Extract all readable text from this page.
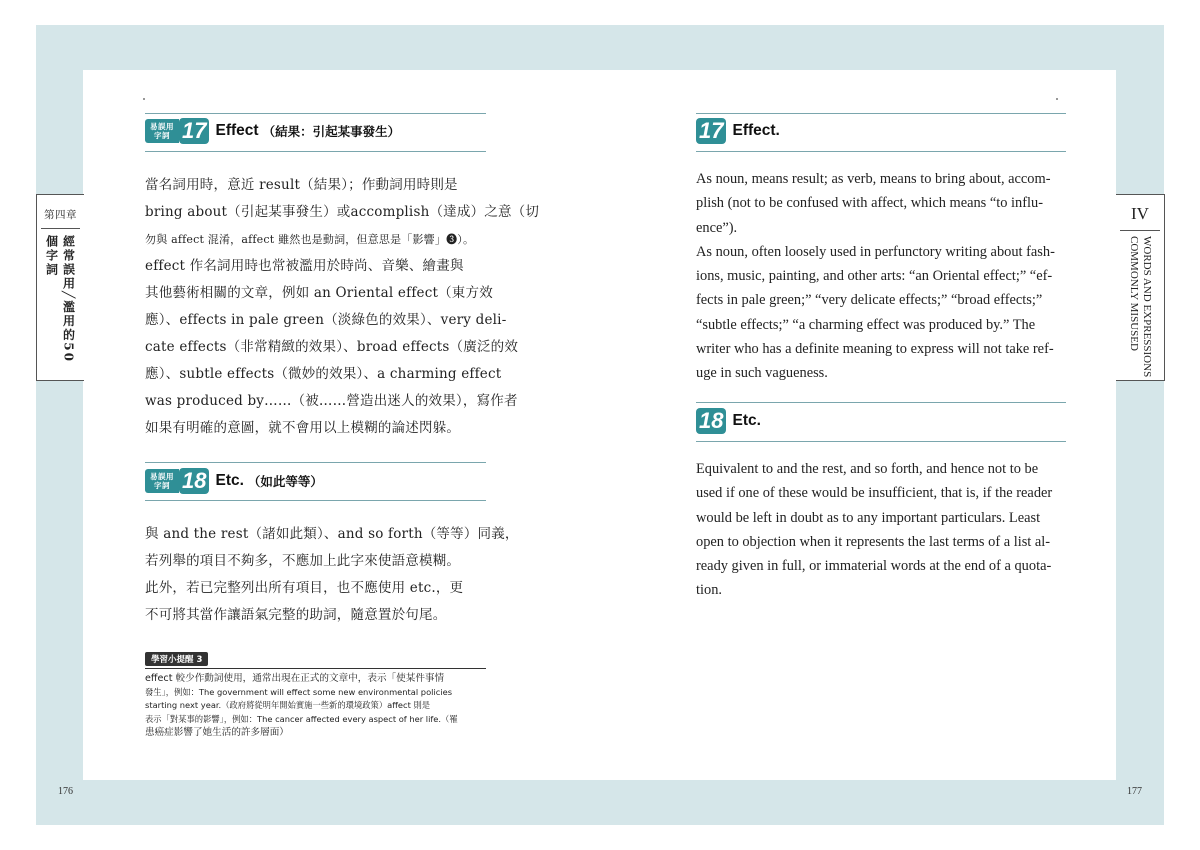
易誤用
字詞 17 Effect （結果：引起某事發生）
當名詞用時，意近 result（結果）；作動詞用時則是
bring about（引起某事發生）或accomplish（達成）之意（切
勿與 affect 混淆，affect 雖然也是動詞，但意思是「影響」❸）。
effect 作名詞用時也常被濫用於時尚、音樂、繪畫與
其他藝術相關的文章，例如 an Oriental effect（東方效
應）、effects in pale green（淡綠色的效果）、very deli-
cate effects（非常精緻的效果）、broad effects（廣泛的效
應）、subtle effects（微妙的效果）、a charming effect
was produced by……（被……營造出迷人的效果），寫作者
如果有明確的意圖，就不會用以上模糊的論述閃躲。
易誤用
字詞 18 Etc. （如此等等）
與 and the rest（諸如此類）、and so forth（等等）同義，
若列舉的項目不夠多，不應加上此字來使語意模糊。
此外，若已完整列出所有項目，也不應使用 etc.，更
不可將其當作讓語氣完整的助詞，隨意置於句尾。
學習小提醒 3
effect 較少作動詞使用，通常出現在正式的文章中，表示「使某件事情
發生」，例如：The government will effect some new environmental policies
starting next year.（政府將從明年開始實施一些新的環境政策）affect 則是
表示「對某事的影響」，例如：The cancer affected every aspect of her life.（罹
患癌症影響了她生活的許多層面）
第四章
經常誤用╱濫用的50個字詞
176
17 Effect.
As noun, means result; as verb, means to bring about, accom-
plish (not to be confused with affect, which means “to influ-
ence”).
As noun, often loosely used in perfunctory writing about fash-
ions, music, painting, and other arts: “an Oriental effect;” “ef-
fects in pale green;” “very delicate effects;” “broad effects;”
“subtle effects;” “a charming effect was produced by.” The
writer who has a definite meaning to express will not take ref-
uge in such vagueness.
18 Etc.
Equivalent to and the rest, and so forth, and hence not to be
used if one of these would be insufficient, that is, if the reader
would be left in doubt as to any important particulars. Least
open to objection when it represents the last terms of a list al-
ready given in full, or immaterial words at the end of a quota-
tion.
IV
WORDS AND EXPRESSIONS
COMMONLY MISUSED
177
